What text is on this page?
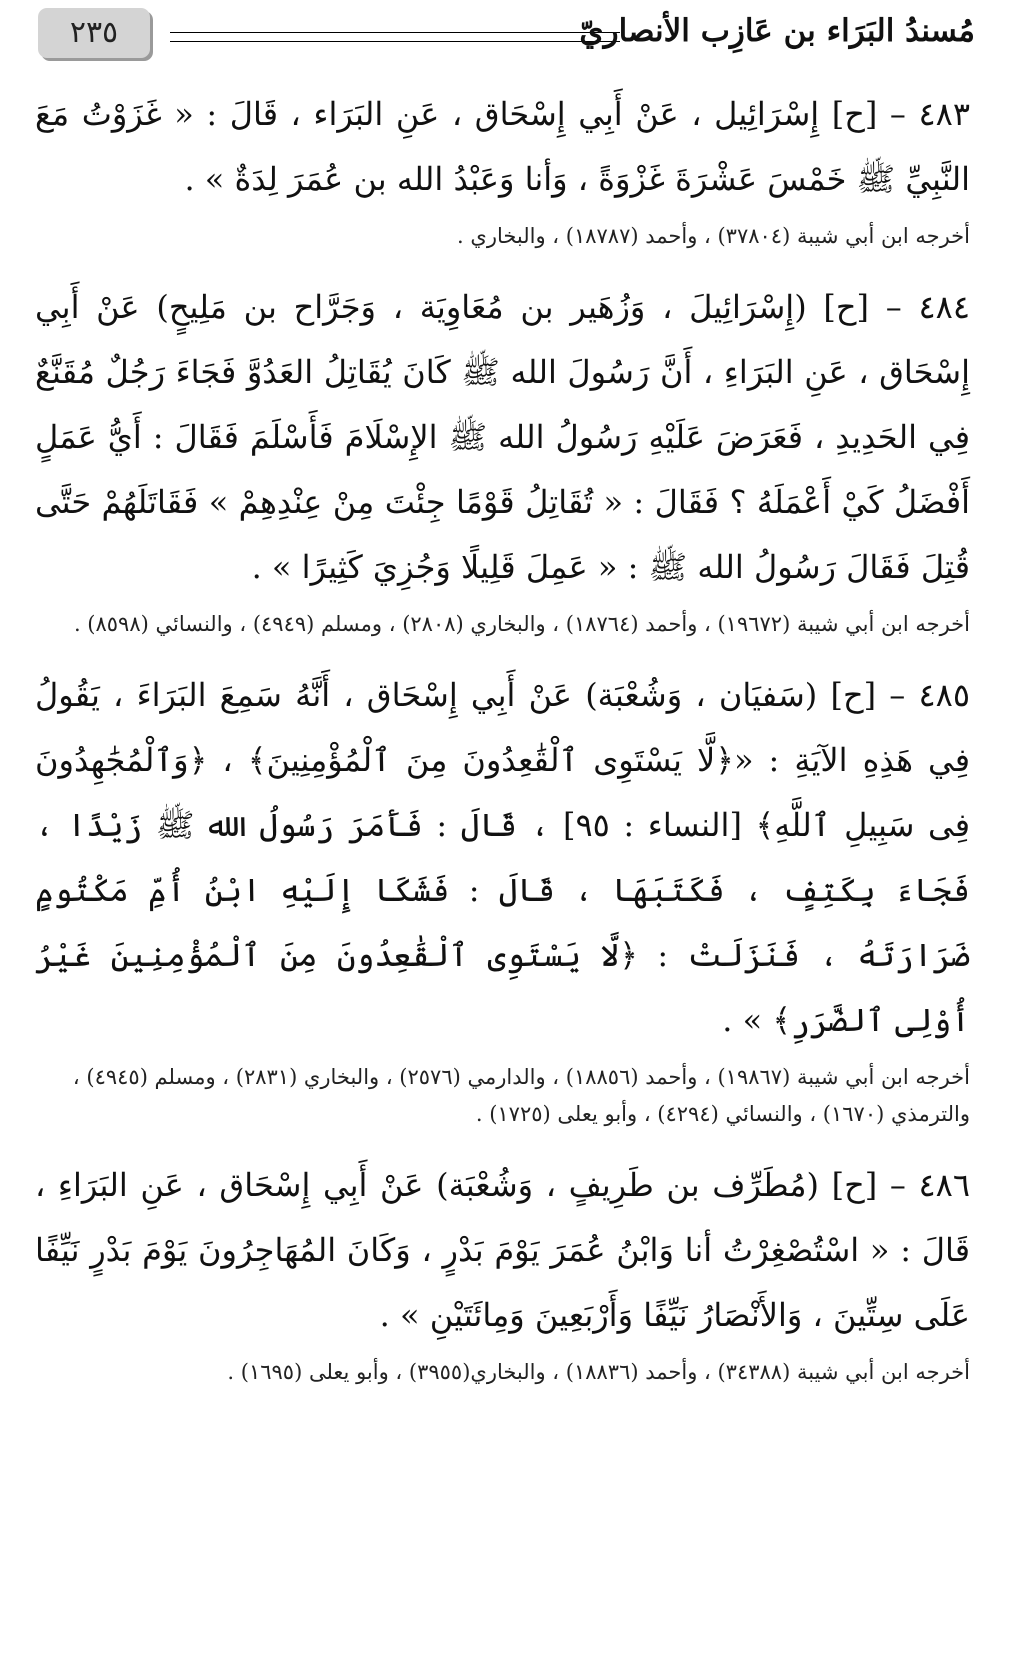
٢٣٥	مُسندُ البَرَاء بن عَازِب الأنصاريّ

٤٨٣ – [ح] إِسْرَائِيل ، عَنْ أَبِي إِسْحَاق ، عَنِ البَرَاء ، قَالَ : « غَزَوْتُ مَعَ النَّبِيِّ ﷺ خَمْسَ عَشْرَةَ غَزْوَةً ، وَأنا وَعَبْدُ الله بن عُمَرَ لِدَةٌ » .

أخرجه ابن أبي شيبة (٣٧٨٠٤) ، وأحمد (١٨٧٨٧) ، والبخاري .

٤٨٤ – [ح] (إِسْرَائِيلَ ، وَزُهَير بن مُعَاوِيَة ، وَجَرَّاح بن مَلِيحٍ) عَنْ أَبِي إِسْحَاق ، عَنِ البَرَاءِ ، أَنَّ رَسُولَ الله ﷺ كَانَ يُقَاتِلُ العَدُوَّ فَجَاءَ رَجُلٌ مُقَنَّعٌ فِي الحَدِيدِ ، فَعَرَضَ عَلَيْهِ رَسُولُ الله ﷺ الإِسْلَامَ فَأَسْلَمَ فَقَالَ : أَيُّ عَمَلٍ أَفْضَلُ كَيْ أَعْمَلَهُ ؟ فَقَالَ : « تُقَاتِلُ قَوْمًا جِئْتَ مِنْ عِنْدِهِمْ » فَقَاتَلَهُمْ حَتَّى قُتِلَ فَقَالَ رَسُولُ الله ﷺ : « عَمِلَ قَلِيلًا وَجُزِيَ كَثِيرًا » .

أخرجه ابن أبي شيبة (١٩٦٧٢) ، وأحمد (١٨٧٦٤) ، والبخاري (٢٨٠٨) ، ومسلم (٤٩٤٩) ، والنسائي (٨٥٩٨) .

٤٨٥ – [ح] (سَفيَان ، وَشُعْبَة) عَنْ أَبِي إِسْحَاق ، أَنَّهُ سَمِعَ البَرَاءَ ، يَقُولُ فِي هَذِهِ الآيَةِ : «﴿لَّا يَسْتَوِى ٱلْقَٰعِدُونَ مِنَ ٱلْمُؤْمِنِينَ﴾ ، ﴿وَٱلْمُجَٰهِدُونَ فِى سَبِيلِ ٱللَّهِ﴾ [النساء : ٩٥] ، قَالَ : فَأَمَرَ رَسُولُ الله ﷺ زَيْدًا ، فَجَاءَ بِكَتِفٍ ، فَكَتَبَهَا ، قَالَ : فَشَكَا إِلَيْهِ ابْنُ أُمِّ مَكْتُومٍ ضَرَارَتَهُ ، فَنَزَلَتْ : ﴿لَّا يَسْتَوِى ٱلْقَٰعِدُونَ مِنَ ٱلْمُؤْمِنِينَ غَيْرُ أُوْلِى ٱلضَّرَرِ﴾ » .

أخرجه ابن أبي شيبة (١٩٨٦٧) ، وأحمد (١٨٨٥٦) ، والدارمي (٢٥٧٦) ، والبخاري (٢٨٣١) ، ومسلم (٤٩٤٥) ، والترمذي (١٦٧٠) ، والنسائي (٤٢٩٤) ، وأبو يعلى (١٧٢٥) .

٤٨٦ – [ح] (مُطَرِّف بن طَرِيفٍ ، وَشُعْبَة) عَنْ أَبِي إِسْحَاق ، عَنِ البَرَاءِ ، قَالَ : « اسْتُصْغِرْتُ أنا وَابْنُ عُمَرَ يَوْمَ بَدْرٍ ، وَكَانَ المُهَاجِرُونَ يَوْمَ بَدْرٍ نَيِّفًا عَلَى سِتِّينَ ، وَالأَنْصَارُ نَيِّفًا وَأَرْبَعِينَ وَمِائَتَيْنِ » .

أخرجه ابن أبي شيبة (٣٤٣٨٨) ، وأحمد (١٨٨٣٦) ، والبخاري(٣٩٥٥) ، وأبو يعلى (١٦٩٥) .
